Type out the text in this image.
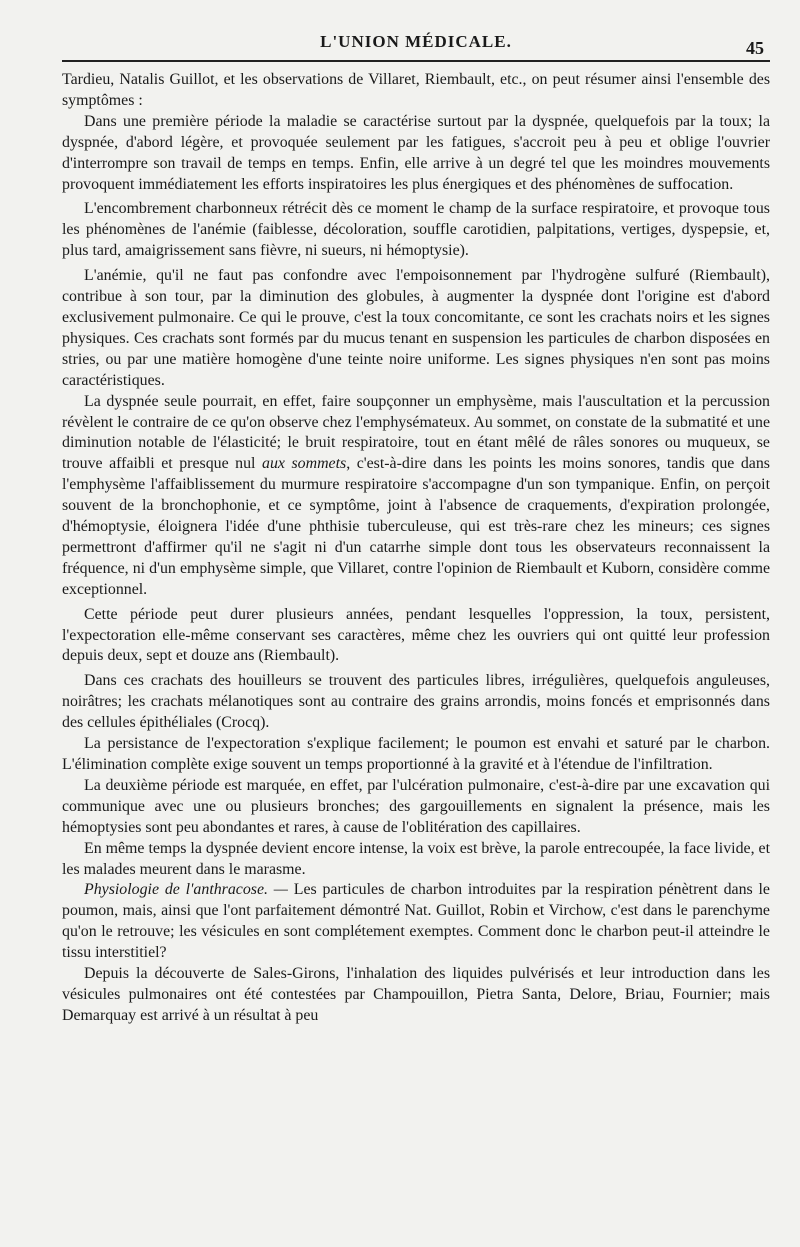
L'UNION MÉDICALE.	45

Tardieu, Natalis Guillot, et les observations de Villaret, Riembault, etc., on peut résumer ainsi l'ensemble des symptômes :

Dans une première période la maladie se caractérise surtout par la dyspnée, quelquefois par la toux; la dyspnée, d'abord légère, et provoquée seulement par les fatigues, s'accroit peu à peu et oblige l'ouvrier d'interrompre son travail de temps en temps. Enfin, elle arrive à un degré tel que les moindres mouvements provoquent immédiatement les efforts inspiratoires les plus énergiques et des phénomènes de suffocation.

L'encombrement charbonneux rétrécit dès ce moment le champ de la surface respiratoire, et provoque tous les phénomènes de l'anémie (faiblesse, décoloration, souffle carotidien, palpitations, vertiges, dyspepsie, et, plus tard, amaigrissement sans fièvre, ni sueurs, ni hémoptysie).

L'anémie, qu'il ne faut pas confondre avec l'empoisonnement par l'hydrogène sulfuré (Riembault), contribue à son tour, par la diminution des globules, à augmenter la dyspnée dont l'origine est d'abord exclusivement pulmonaire. Ce qui le prouve, c'est la toux concomitante, ce sont les crachats noirs et les signes physiques. Ces crachats sont formés par du mucus tenant en suspension les particules de charbon disposées en stries, ou par une matière homogène d'une teinte noire uniforme. Les signes physiques n'en sont pas moins caractéristiques.

La dyspnée seule pourrait, en effet, faire soupçonner un emphysème, mais l'auscultation et la percussion révèlent le contraire de ce qu'on observe chez l'emphysémateux. Au sommet, on constate de la submatité et une diminution notable de l'élasticité; le bruit respiratoire, tout en étant mêlé de râles sonores ou muqueux, se trouve affaibli et presque nul aux sommets, c'est-à-dire dans les points les moins sonores, tandis que dans l'emphysème l'affaiblissement du murmure respiratoire s'accompagne d'un son tympanique. Enfin, on perçoit souvent de la bronchophonie, et ce symptôme, joint à l'absence de craquements, d'expiration prolongée, d'hémoptysie, éloignera l'idée d'une phthisie tuberculeuse, qui est très-rare chez les mineurs; ces signes permettront d'affirmer qu'il ne s'agit ni d'un catarrhe simple dont tous les observateurs reconnaissent la fréquence, ni d'un emphysème simple, que Villaret, contre l'opinion de Riembault et Kuborn, considère comme exceptionnel.

Cette période peut durer plusieurs années, pendant lesquelles l'oppression, la toux, persistent, l'expectoration elle-même conservant ses caractères, même chez les ouvriers qui ont quitté leur profession depuis deux, sept et douze ans (Riembault).

Dans ces crachats des houilleurs se trouvent des particules libres, irrégulières, quelquefois anguleuses, noirâtres; les crachats mélanotiques sont au contraire des grains arrondis, moins foncés et emprisonnés dans des cellules épithéliales (Crocq).

La persistance de l'expectoration s'explique facilement; le poumon est envahi et saturé par le charbon. L'élimination complète exige souvent un temps proportionné à la gravité et à l'étendue de l'infiltration.

La deuxième période est marquée, en effet, par l'ulcération pulmonaire, c'est-à-dire par une excavation qui communique avec une ou plusieurs bronches; des gargouillements en signalent la présence, mais les hémoptysies sont peu abondantes et rares, à cause de l'oblitération des capillaires.

En même temps la dyspnée devient encore intense, la voix est brève, la parole entrecoupée, la face livide, et les malades meurent dans le marasme.

Physiologie de l'anthracose. — Les particules de charbon introduites par la respiration pénètrent dans le poumon, mais, ainsi que l'ont parfaitement démontré Nat. Guillot, Robin et Virchow, c'est dans le parenchyme qu'on le retrouve; les vésicules en sont complétement exemptes. Comment donc le charbon peut-il atteindre le tissu interstitiel?

Depuis la découverte de Sales-Girons, l'inhalation des liquides pulvérisés et leur introduction dans les vésicules pulmonaires ont été contestées par Champouillon, Pietra Santa, Delore, Briau, Fournier; mais Demarquay est arrivé à un résultat à peu
